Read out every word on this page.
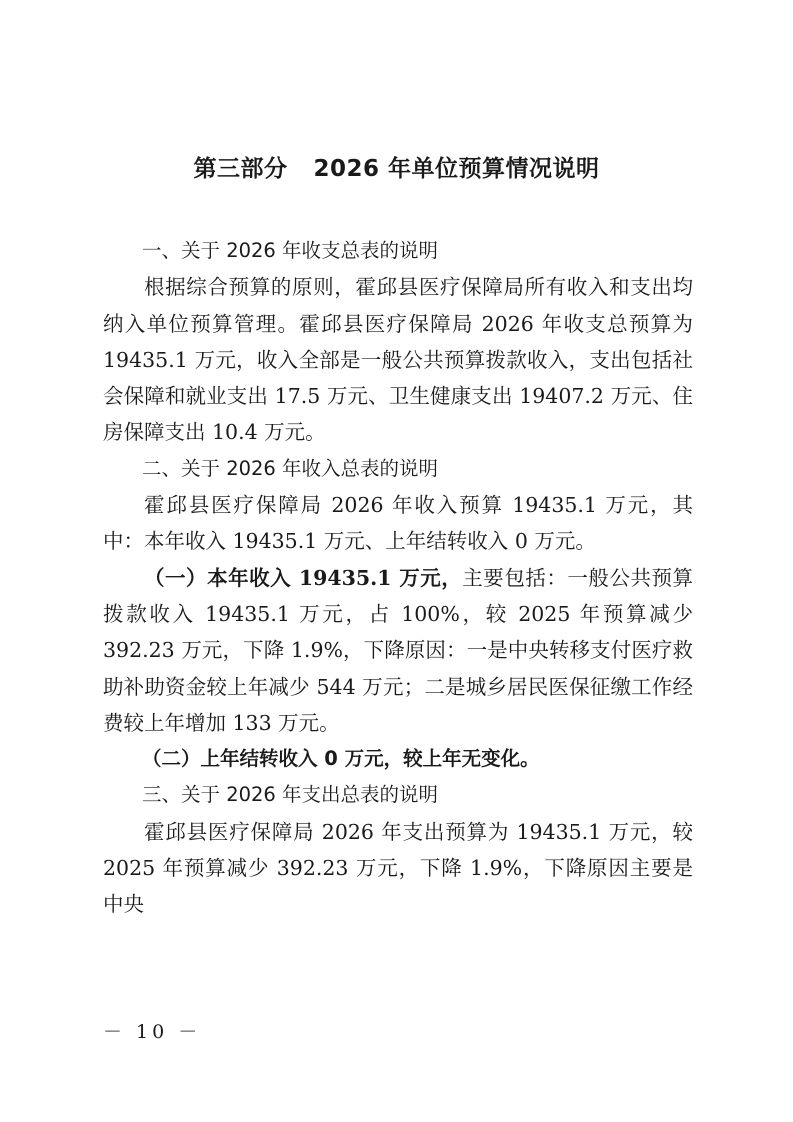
第三部分 2026 年单位预算情况说明

一、关于 2026 年收支总表的说明

根据综合预算的原则，霍邱县医疗保障局所有收入和支出均纳入单位预算管理。霍邱县医疗保障局 2026 年收支总预算为 19435.1 万元，收入全部是一般公共预算拨款收入，支出包括社会保障和就业支出 17.5 万元、卫生健康支出 19407.2 万元、住房保障支出 10.4 万元。

二、关于 2026 年收入总表的说明

霍邱县医疗保障局 2026 年收入预算 19435.1 万元，其中：本年收入 19435.1 万元、上年结转收入 0 万元。

（一）本年收入 19435.1 万元，主要包括：一般公共预算拨款收入 19435.1 万元，占 100%，较 2025 年预算减少 392.23 万元，下降 1.9%，下降原因：一是中央转移支付医疗救助补助资金较上年减少 544 万元；二是城乡居民医保征缴工作经费较上年增加 133 万元。

（二）上年结转收入 0 万元，较上年无变化。

三、关于 2026 年支出总表的说明

霍邱县医疗保障局 2026 年支出预算为 19435.1 万元，较 2025 年预算减少 392.23 万元，下降 1.9%，下降原因主要是中央

－ 10 －
